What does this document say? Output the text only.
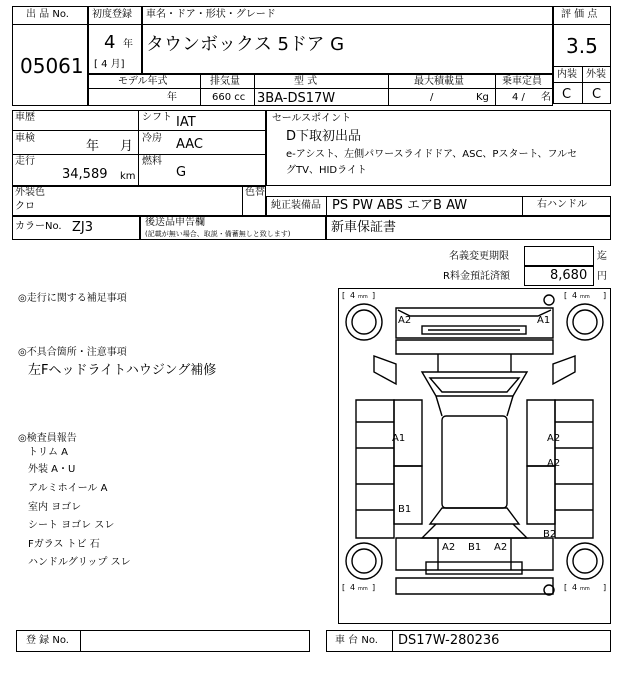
出 品 No.
05061
初度登録
4 年
[ 4 月]
車名・ドア・形状・グレード
タウンボックス 5ドア G
評 価 点
3.5
内装 外装
C C
モデル年式
年
排気量
660 cc
型 式
3BA-DS17W
最大積載量
/	Kg
乗車定員
4 / 名
車歴	シフト IAT
車検
年 月
冷房 AAC
走行
34,589 km
燃料
G
セールスポイント
D下取初出品
e-アシスト、左側パワースライドドア、ASC、Pスタート、フルセ
グTV、HIDライト
外装色
クロ
色替
純正装備品 PS PW ABS エアB AW	右ハンドル
カラーNo. ZJ3	後送品申告欄
(記載が無い場合、取説・備蓄無しと致します)	新車保証書
名義変更期限	迄
R料金預託済額	8,680 円
◎走行に関する補足事項
◎不具合箇所・注意事項
左Fヘッドライトハウジング補修
◎検査員報告
トリム A
外装 A・U
アルミホイール A
室内 ヨゴレ
シート ヨゴレ スレ
Fガラス トビ 石
ハンドルグリップ スレ
A2	A1
A1	A2
A2
B1
B2
A2 B1 A2
[ 4 mm ]	[ 4 mm ]
[ 4 mm ]	[ 4 mm ]
登 録 No.	車 台 No. DS17W-280236
